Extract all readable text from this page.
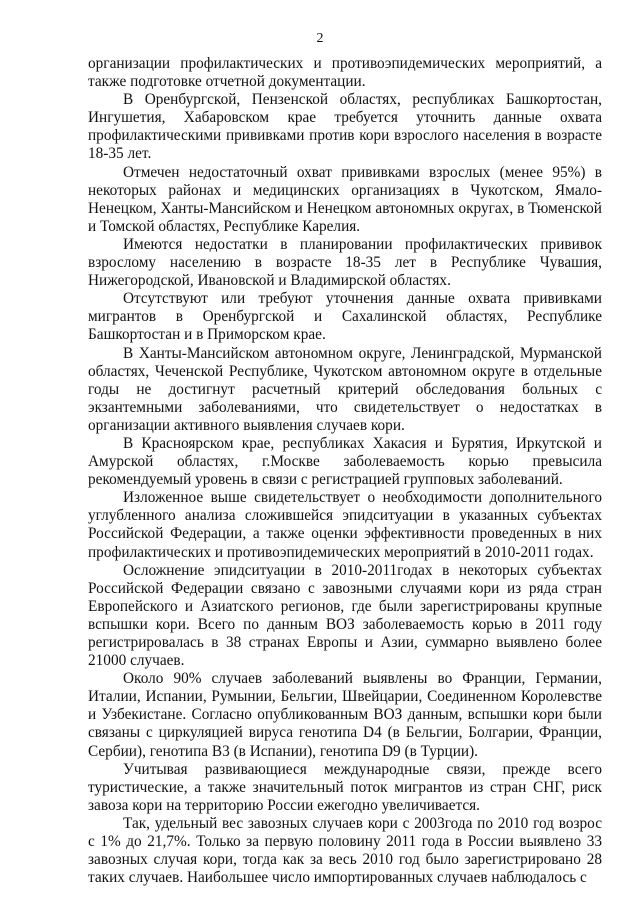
2

организации профилактических и противоэпидемических мероприятий, а также подготовке отчетной документации.

В Оренбургской, Пензенской областях, республиках Башкортостан, Ингушетия, Хабаровском крае требуется уточнить данные охвата профилактическими прививками против кори взрослого населения в возрасте 18-35 лет.

Отмечен недостаточный охват прививками взрослых (менее 95%) в некоторых районах и медицинских организациях в Чукотском, Ямало-Ненецком, Ханты-Мансийском и Ненецком автономных округах, в Тюменской и Томской областях, Республике Карелия.

Имеются недостатки в планировании профилактических прививок взрослому населению в возрасте 18-35 лет в Республике Чувашия, Нижегородской, Ивановской и Владимирской областях.

Отсутствуют или требуют уточнения данные охвата прививками мигрантов в Оренбургской и Сахалинской областях, Республике Башкортостан и в Приморском крае.

В Ханты-Мансийском автономном округе, Ленинградской, Мурманской областях, Чеченской Республике, Чукотском автономном округе в отдельные годы не достигнут расчетный критерий обследования больных с экзантемными заболеваниями, что свидетельствует о недостатках в организации активного выявления случаев кори.

В Красноярском крае, республиках Хакасия и Бурятия, Иркутской и Амурской областях, г.Москве заболеваемость корью превысила рекомендуемый уровень в связи с регистрацией групповых заболеваний.

Изложенное выше свидетельствует о необходимости дополнительного углубленного анализа сложившейся эпидситуации в указанных субъектах Российской Федерации, а также оценки эффективности проведенных в них профилактических и противоэпидемических мероприятий в 2010-2011 годах.

Осложнение эпидситуации в 2010-2011годах в некоторых субъектах Российской Федерации связано с завозными случаями кори из ряда стран Европейского и Азиатского регионов, где были зарегистрированы крупные вспышки кори. Всего по данным ВОЗ заболеваемость корью в 2011 году регистрировалась в 38 странах Европы и Азии, суммарно выявлено более 21000 случаев.

Около 90% случаев заболеваний выявлены во Франции, Германии, Италии, Испании, Румынии, Бельгии, Швейцарии, Соединенном Королевстве и Узбекистане. Согласно опубликованным ВОЗ данным, вспышки кори были связаны с циркуляцией вируса генотипа D4 (в Бельгии, Болгарии, Франции, Сербии), генотипа B3 (в Испании), генотипа D9 (в Турции).

Учитывая развивающиеся международные связи, прежде всего туристические, а также значительный поток мигрантов из стран СНГ, риск завоза кори на территорию России ежегодно увеличивается.

Так, удельный вес завозных случаев кори с 2003года по 2010 год возрос с 1% до 21,7%. Только за первую половину 2011 года в России выявлено 33 завозных случая кори, тогда как за весь 2010 год было зарегистрировано 28 таких случаев. Наибольшее число импортированных случаев наблюдалось с
